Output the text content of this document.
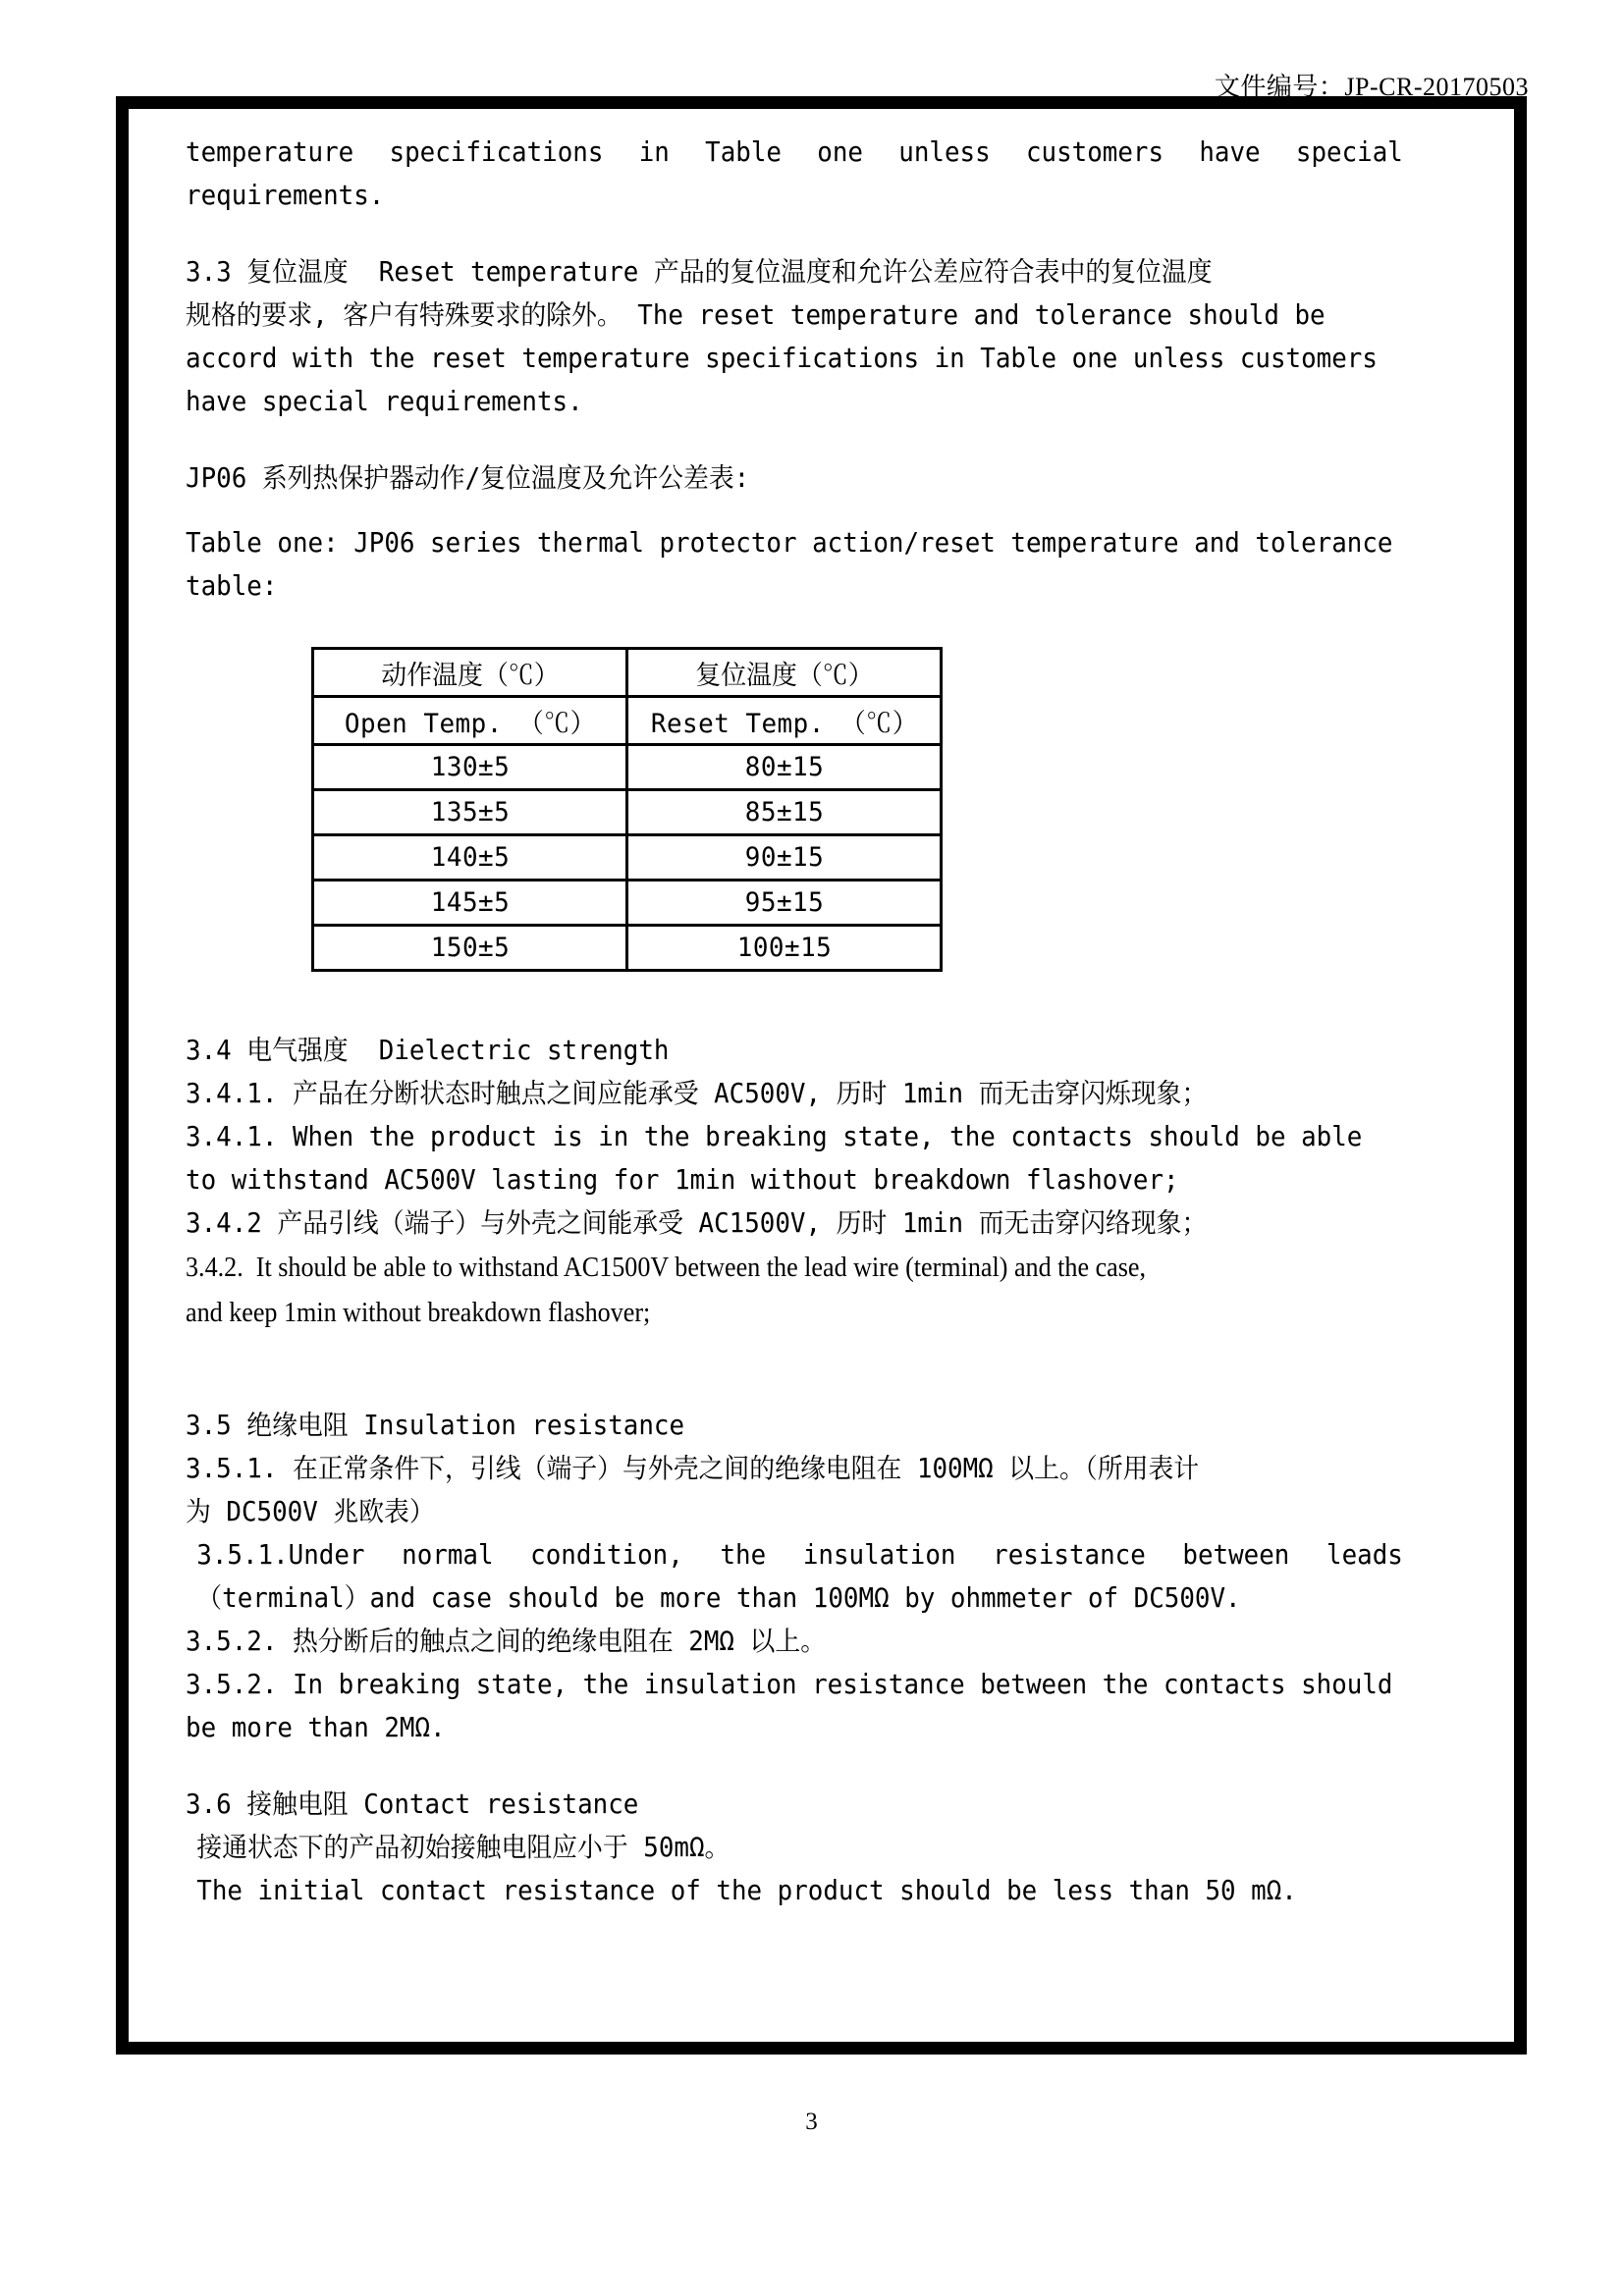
文件编号：JP-CR-20170503
temperature specifications in Table one unless customers have special
requirements.
3.3 复位温度  Reset temperature 产品的复位温度和允许公差应符合表中的复位温度
规格的要求, 客户有特殊要求的除外。 The reset temperature and tolerance should be
accord with the reset temperature specifications in Table one unless customers
have special requirements.
JP06 系列热保护器动作/复位温度及允许公差表:
Table one: JP06 series thermal protector action/reset temperature and tolerance
table:
动作温度（℃）	复位温度（℃）
Open Temp. （℃）	Reset Temp. （℃）
130±5	80±15
135±5	85±15
140±5	90±15
145±5	95±15
150±5	100±15
3.4 电气强度  Dielectric strength
3.4.1. 产品在分断状态时触点之间应能承受 AC500V, 历时 1min 而无击穿闪烁现象；
3.4.1. When the product is in the breaking state, the contacts should be able
to withstand AC500V lasting for 1min without breakdown flashover;
3.4.2 产品引线（端子）与外壳之间能承受 AC1500V, 历时 1min 而无击穿闪络现象；
3.4.2.  It should be able to withstand AC1500V between the lead wire (terminal) and the case,
and keep 1min without breakdown flashover;
3.5 绝缘电阻 Insulation resistance
3.5.1. 在正常条件下，引线（端子）与外壳之间的绝缘电阻在 100MΩ 以上。（所用表计
为 DC500V 兆欧表）
3.5.1.Under normal condition, the insulation resistance between leads
（terminal）and case should be more than 100MΩ by ohmmeter of DC500V.
3.5.2. 热分断后的触点之间的绝缘电阻在 2MΩ 以上。
3.5.2. In breaking state, the insulation resistance between the contacts should
be more than 2MΩ.
3.6 接触电阻 Contact resistance
接通状态下的产品初始接触电阻应小于 50mΩ。
The initial contact resistance of the product should be less than 50 mΩ.
3
